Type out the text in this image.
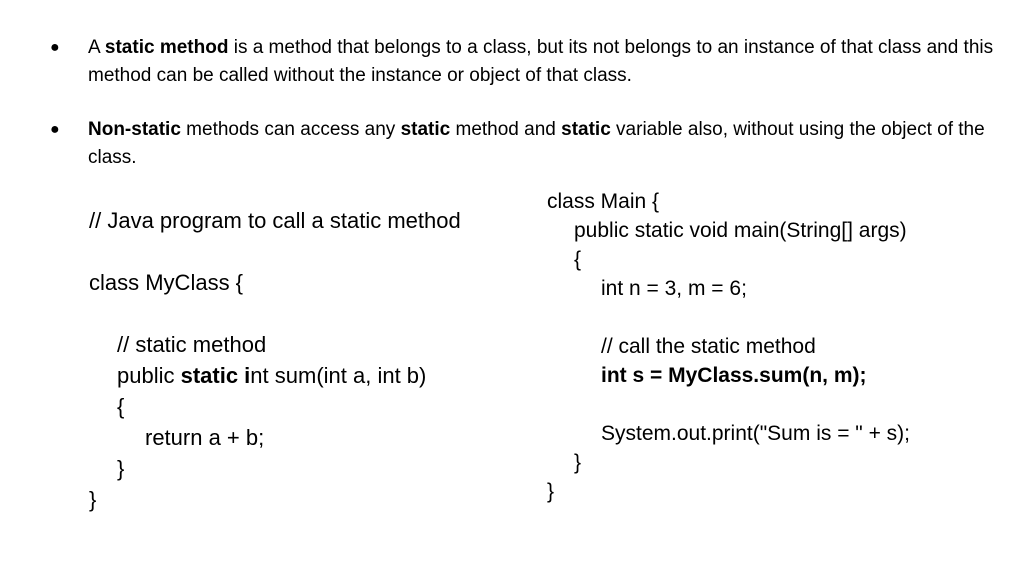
● A static method is a method that belongs to a class, but its not belongs to an instance of that class and this method can be called without the instance or object of that class.
● Non-static methods can access any static method and static variable also, without using the object of the class.
// Java program to call a static method
class MyClass {
// static method
public static int sum(int a, int b)
{
return a + b;
}
}
class Main {
public static void main(String[] args)
{
int n = 3, m = 6;
// call the static method
int s = MyClass.sum(n, m);
System.out.print("Sum is = " + s);
}
}
